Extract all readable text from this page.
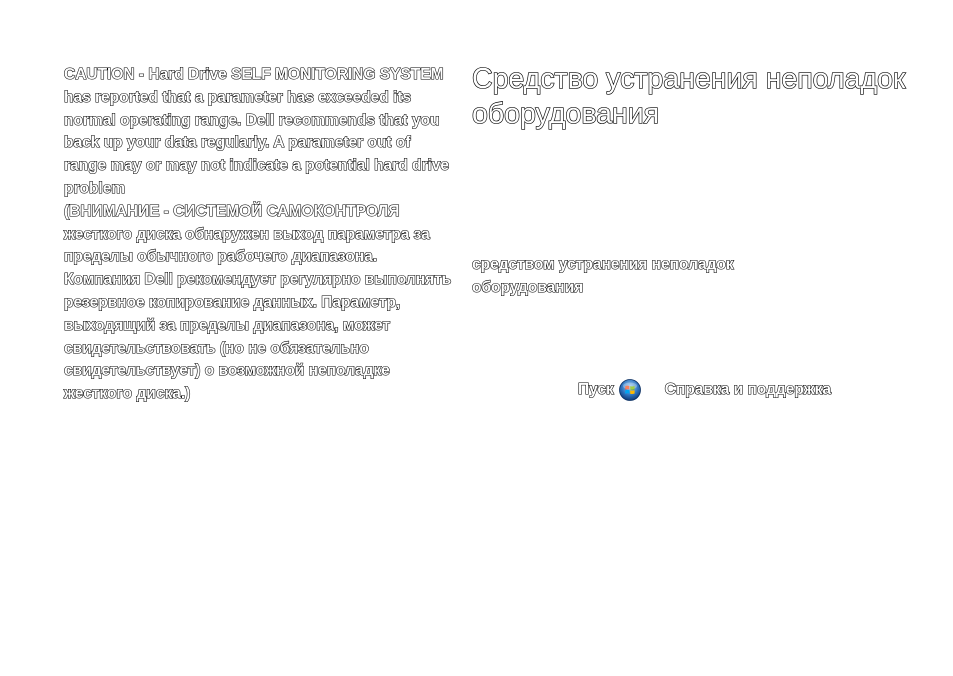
CAUTION - Hard Drive SELF MONITORING SYSTEM has reported that a parameter has exceeded its normal operating range. Dell recommends that you back up your data regularly. A parameter out of range may or may not indicate a potential hard drive problem

(ВНИМАНИЕ - СИСТЕМОЙ САМОКОНТРОЛЯ жесткого диска обнаружен выход параметра за пределы обычного рабочего диапазона. Компания Dell рекомендует регулярно выполнять резервное копирование данных. Параметр, выходящий за пределы диапазона, может свидетельствовать (но не обязательно свидетельствует) о возможной неполадке жесткого диска.)

Средство устранения неполадок оборудования

средством устранения неполадок оборудования

Пуск	Справка и поддержка
